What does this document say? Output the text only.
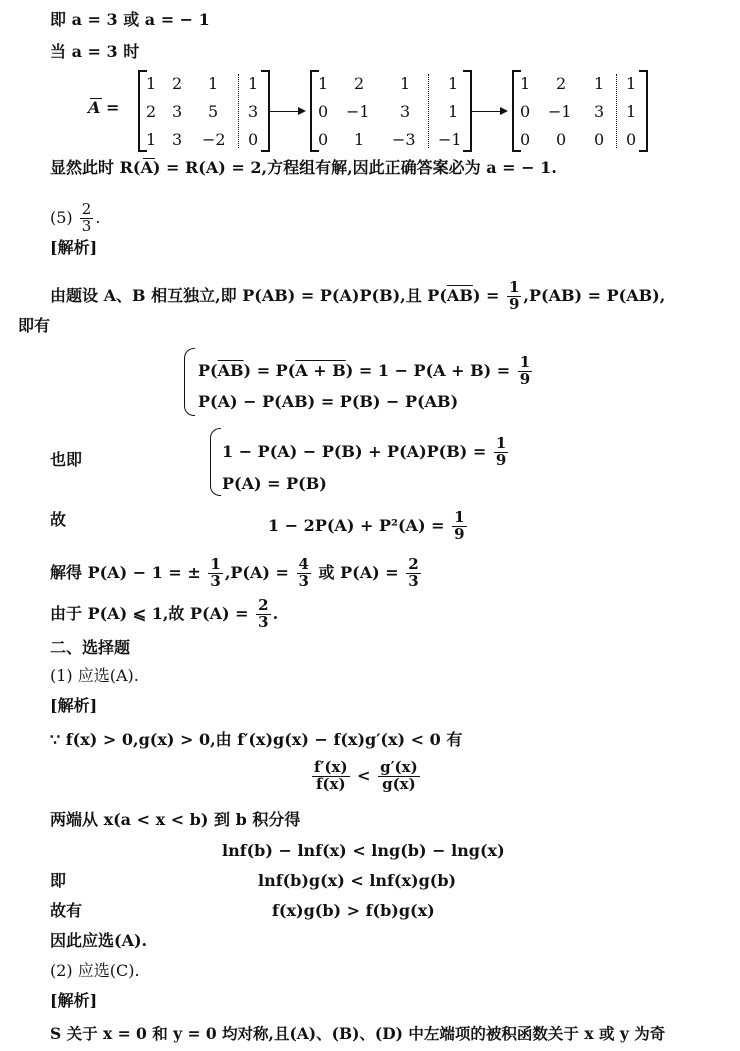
即 a = 3 或 a = − 1
当 a = 3 时
A =
1 2 1 1
2 3 5 3
1 3 −2 0
1 2 1 1
0 −1 3 1
0 1 −3 −1
1 2 1 1
0 −1 3 1
0 0 0 0
显然此时 R(A) = R(A) = 2,方程组有解,因此正确答案必为 a = − 1.
$(5) \frac{2}{3}$ .
[解析]
由题设 A、B 相互独立,即 P(AB) = P(A)P(B),且 $P(\overline{AB}) = \frac{1}{9} ,P(AB) = P(AB)$,
即有
$P(\overline{AB}) = P(A + B) = 1 - P(A + B) = \frac{1}{9}$
P(A) − P(AB) = P(B) − P(AB)
也即	$1 - P(A) - P(B) + P(A)P(B) = \frac{1}{9}$
P(A) = P(B)
故	$1 - 2P(A) + P^2(A) = \frac{1}{9}$
解得 P(A) − 1 = ± $\frac{1}{3} ,P(A) = \frac{4}{3}$ 或 $P(A) = \frac{2}{3}$
由于 P(A) ⩽ 1,故 $P(A) = \frac{2}{3}$ .
二、选择题
(1) 应选(A).
[解析]
∵ f(x) > 0,g(x) > 0,由 f′(x)g(x) − f(x)g′(x) < 0 有
$\frac{f'(x)}{f(x)} < \frac{g'(x)}{g(x)}$
两端从 x(a < x < b) 到 b 积分得
lnf(b) − lnf(x) < lng(b) − lng(x)
即	lnf(b)g(x) < lnf(x)g(b)
故有	f(x)g(b) > f(b)g(x)
因此应选(A).
(2) 应选(C).
[解析]
S 关于 x = 0 和 y = 0 均对称,且(A)、(B)、(D) 中左端项的被积函数关于 x 或 y 为奇
